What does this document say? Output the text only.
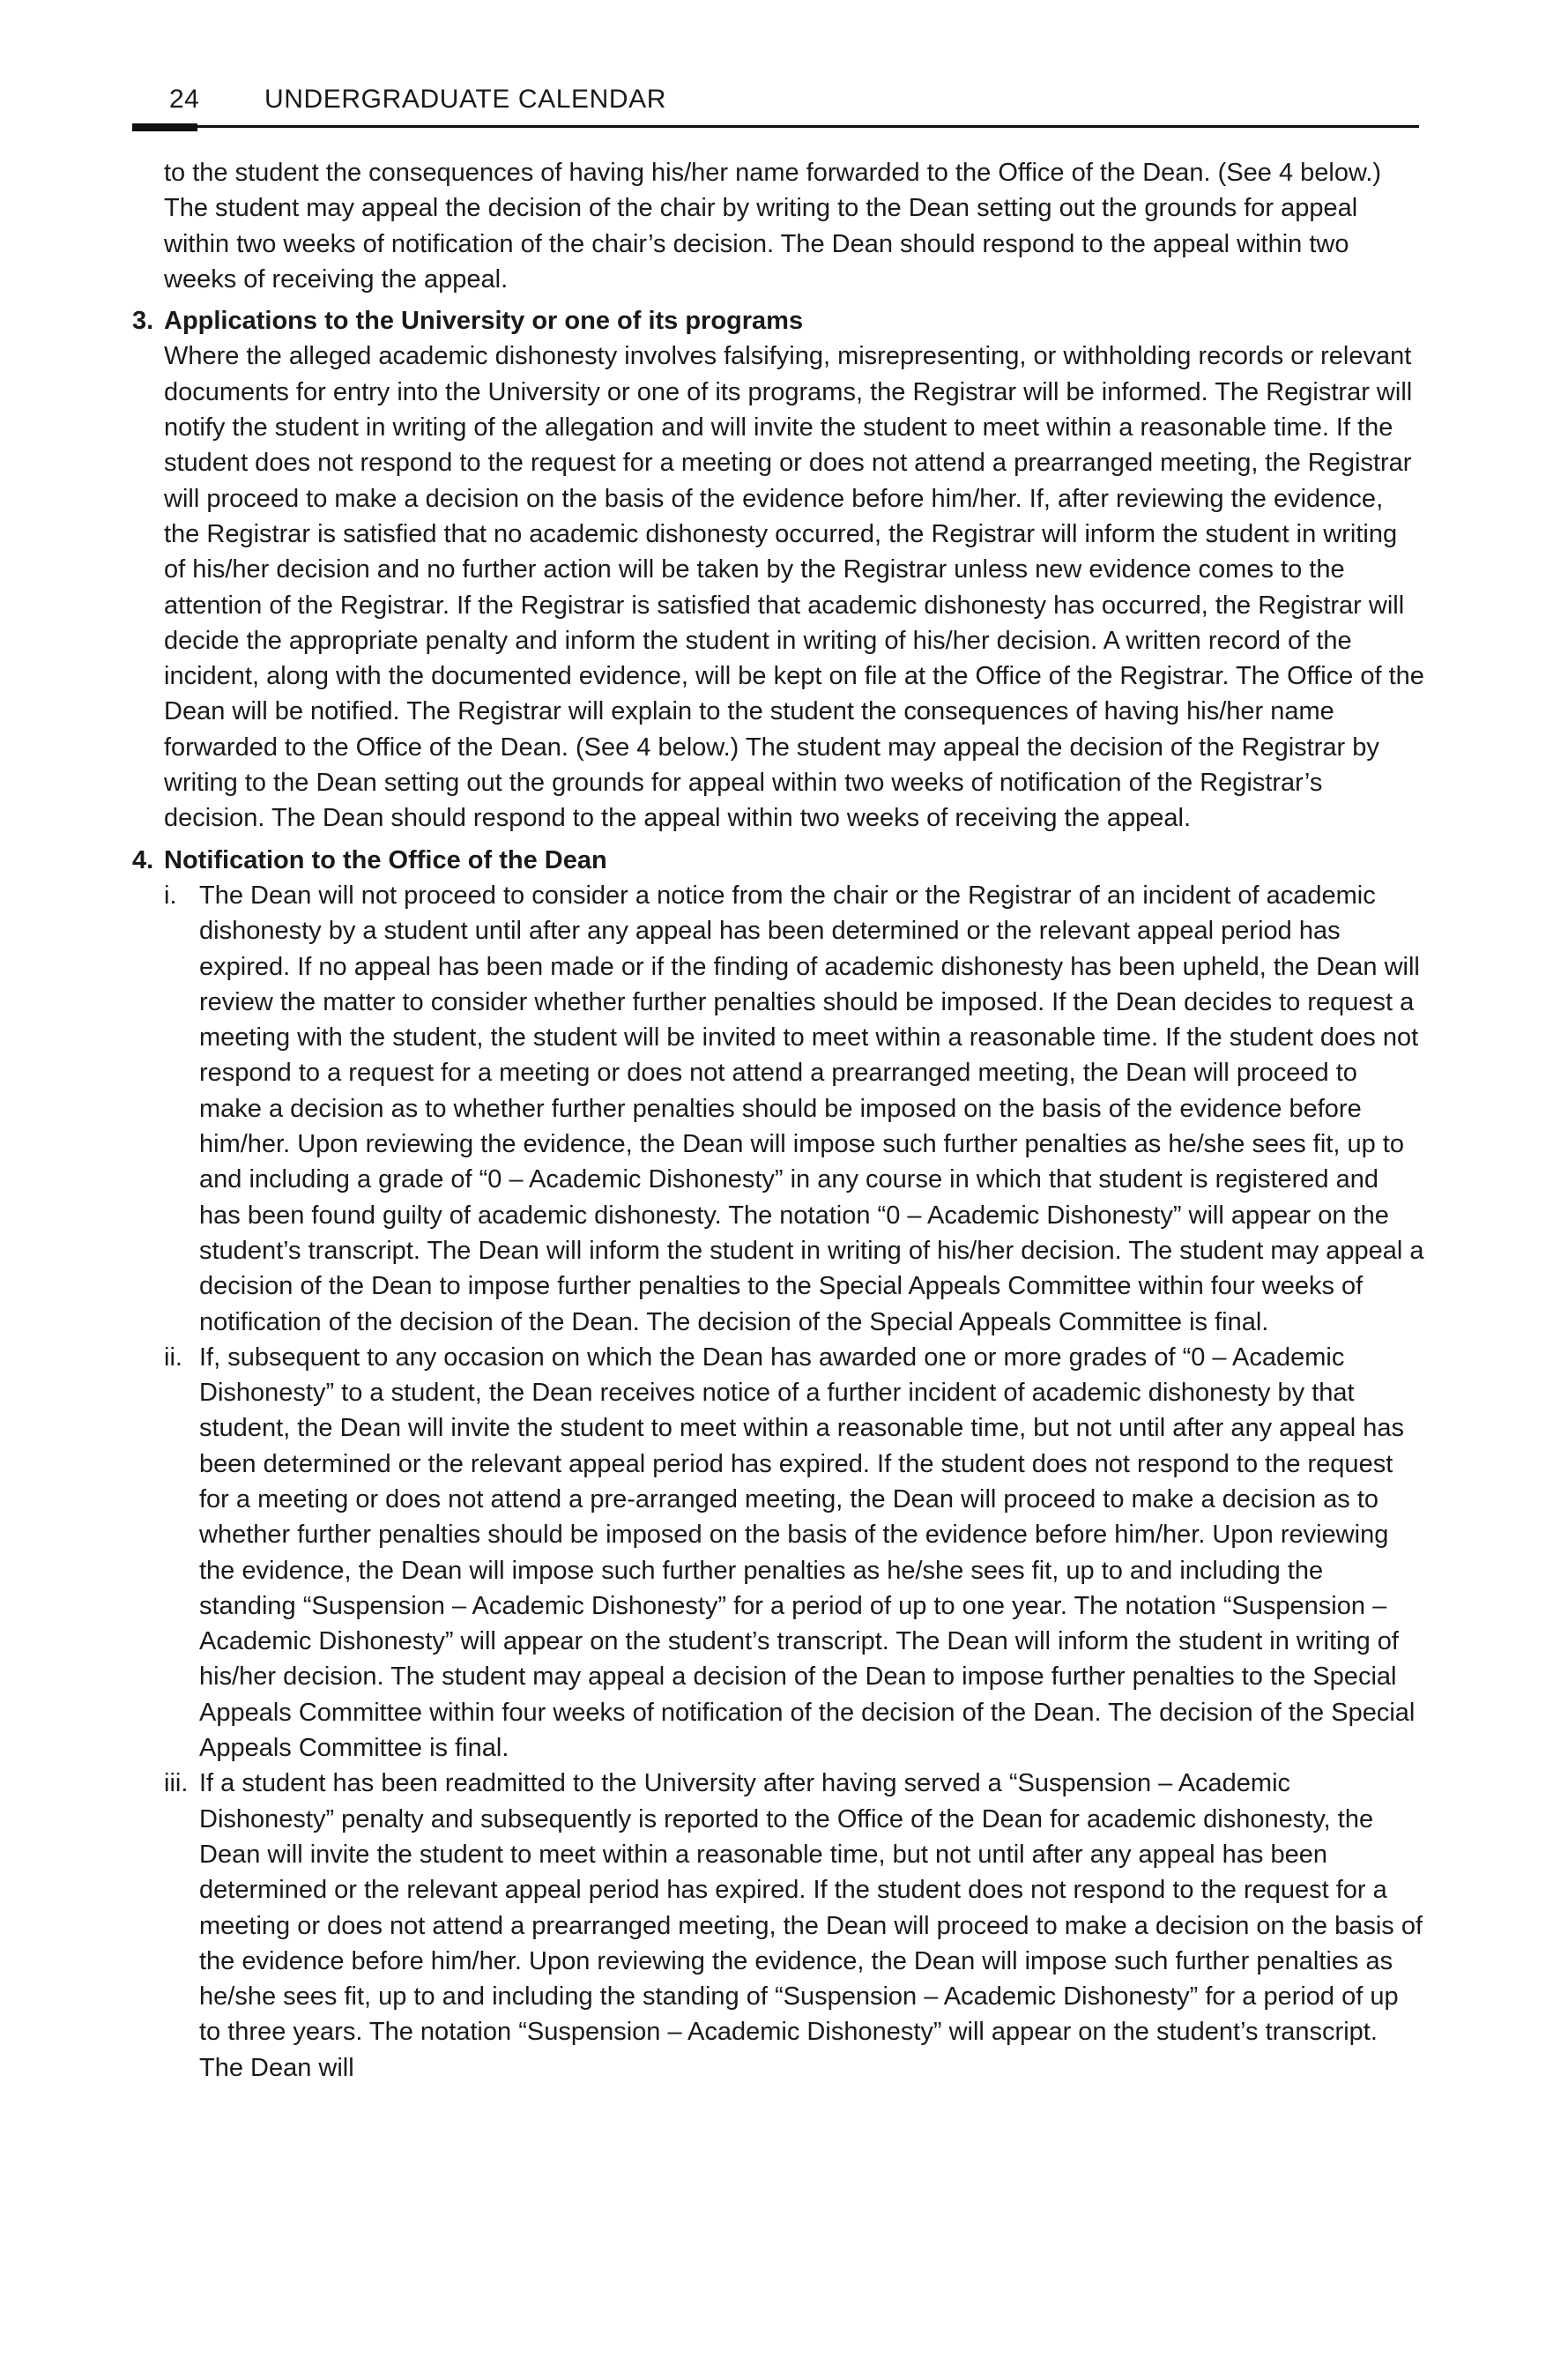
24 UNDERGRADUATE CALENDAR

to the student the consequences of having his/her name forwarded to the Office of the Dean. (See 4 below.) The student may appeal the decision of the chair by writing to the Dean setting out the grounds for appeal within two weeks of notification of the chair’s decision. The Dean should respond to the appeal within two weeks of receiving the appeal.

3. Applications to the University or one of its programs

Where the alleged academic dishonesty involves falsifying, misrepresenting, or withholding records or relevant documents for entry into the University or one of its programs, the Registrar will be informed. The Registrar will notify the student in writing of the allegation and will invite the student to meet within a reasonable time. If the student does not respond to the request for a meeting or does not attend a prearranged meeting, the Registrar will proceed to make a decision on the basis of the evidence before him/her. If, after reviewing the evidence, the Registrar is satisfied that no academic dishonesty occurred, the Registrar will inform the student in writing of his/her decision and no further action will be taken by the Registrar unless new evidence comes to the attention of the Registrar. If the Registrar is satisfied that academic dishonesty has occurred, the Registrar will decide the appropriate penalty and inform the student in writing of his/her decision. A written record of the incident, along with the documented evidence, will be kept on file at the Office of the Registrar. The Office of the Dean will be notified. The Registrar will explain to the student the consequences of having his/her name forwarded to the Office of the Dean. (See 4 below.) The student may appeal the decision of the Registrar by writing to the Dean setting out the grounds for appeal within two weeks of notification of the Registrar’s decision. The Dean should respond to the appeal within two weeks of receiving the appeal.

4. Notification to the Office of the Dean
i. The Dean will not proceed to consider a notice from the chair or the Registrar of an incident of academic dishonesty by a student until after any appeal has been determined or the relevant appeal period has expired. If no appeal has been made or if the finding of academic dishonesty has been upheld, the Dean will review the matter to consider whether further penalties should be imposed. If the Dean decides to request a meeting with the student, the student will be invited to meet within a reasonable time. If the student does not respond to a request for a meeting or does not attend a prearranged meeting, the Dean will proceed to make a decision as to whether further penalties should be imposed on the basis of the evidence before him/her. Upon reviewing the evidence, the Dean will impose such further penalties as he/she sees fit, up to and including a grade of “0 – Academic Dishonesty” in any course in which that student is registered and has been found guilty of academic dishonesty. The notation “0 – Academic Dishonesty” will appear on the student’s transcript. The Dean will inform the student in writing of his/her decision. The student may appeal a decision of the Dean to impose further penalties to the Special Appeals Committee within four weeks of notification of the decision of the Dean. The decision of the Special Appeals Committee is final.

ii. If, subsequent to any occasion on which the Dean has awarded one or more grades of “0 – Academic Dishonesty” to a student, the Dean receives notice of a further incident of academic dishonesty by that student, the Dean will invite the student to meet within a reasonable time, but not until after any appeal has been determined or the relevant appeal period has expired. If the student does not respond to the request for a meeting or does not attend a pre-arranged meeting, the Dean will proceed to make a decision as to whether further penalties should be imposed on the basis of the evidence before him/her. Upon reviewing the evidence, the Dean will impose such further penalties as he/she sees fit, up to and including the standing “Suspension – Academic Dishonesty” for a period of up to one year. The notation “Suspension – Academic Dishonesty” will appear on the student’s transcript. The Dean will inform the student in writing of his/her decision. The student may appeal a decision of the Dean to impose further penalties to the Special Appeals Committee within four weeks of notification of the decision of the Dean. The decision of the Special Appeals Committee is final.

iii. If a student has been readmitted to the University after having served a “Suspension – Academic Dishonesty” penalty and subsequently is reported to the Office of the Dean for academic dishonesty, the Dean will invite the student to meet within a reasonable time, but not until after any appeal has been determined or the relevant appeal period has expired. If the student does not respond to the request for a meeting or does not attend a prearranged meeting, the Dean will proceed to make a decision on the basis of the evidence before him/her. Upon reviewing the evidence, the Dean will impose such further penalties as he/she sees fit, up to and including the standing of “Suspension – Academic Dishonesty” for a period of up to three years. The notation “Suspension – Academic Dishonesty” will appear on the student’s transcript. The Dean will
